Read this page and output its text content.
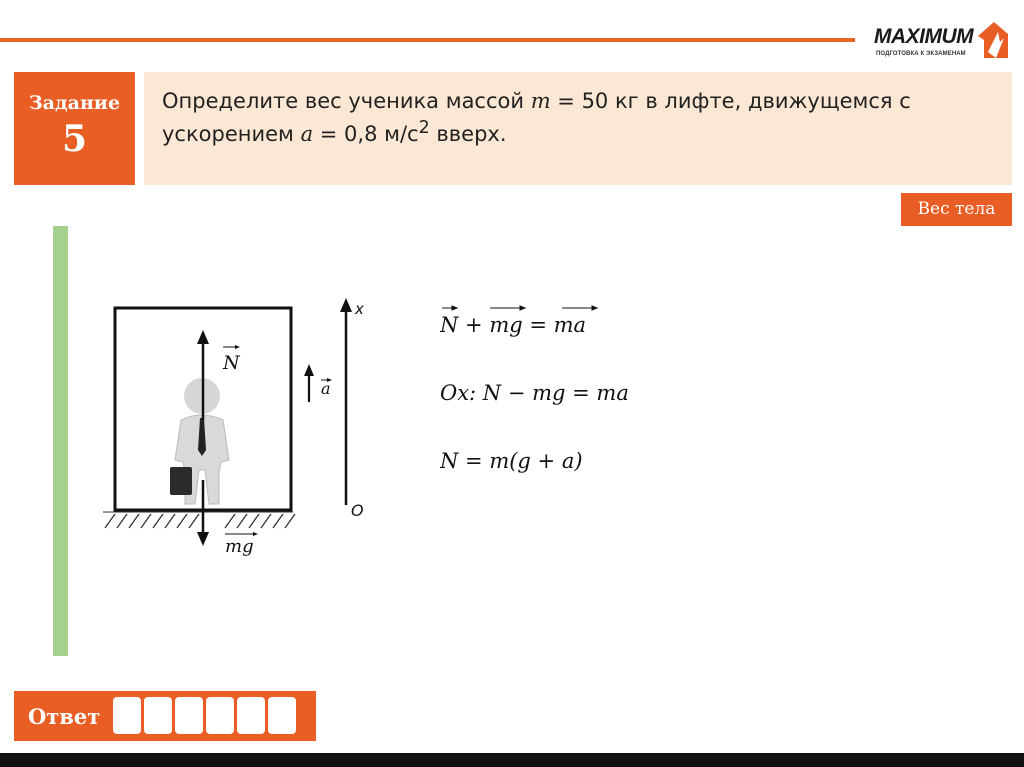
MAXIMUM
ПОДГОТОВКА К ЭКЗАМЕНАМ
Задание
5
Определите вес ученика массой m = 50 кг в лифте, движущемся с ускорением a = 0,8 $м/с^2$ вверх.
Вес тела
N
a
mg
x
O
N + mg = ma
Ox: N − mg = ma
N = m(g + a)
Ответ
